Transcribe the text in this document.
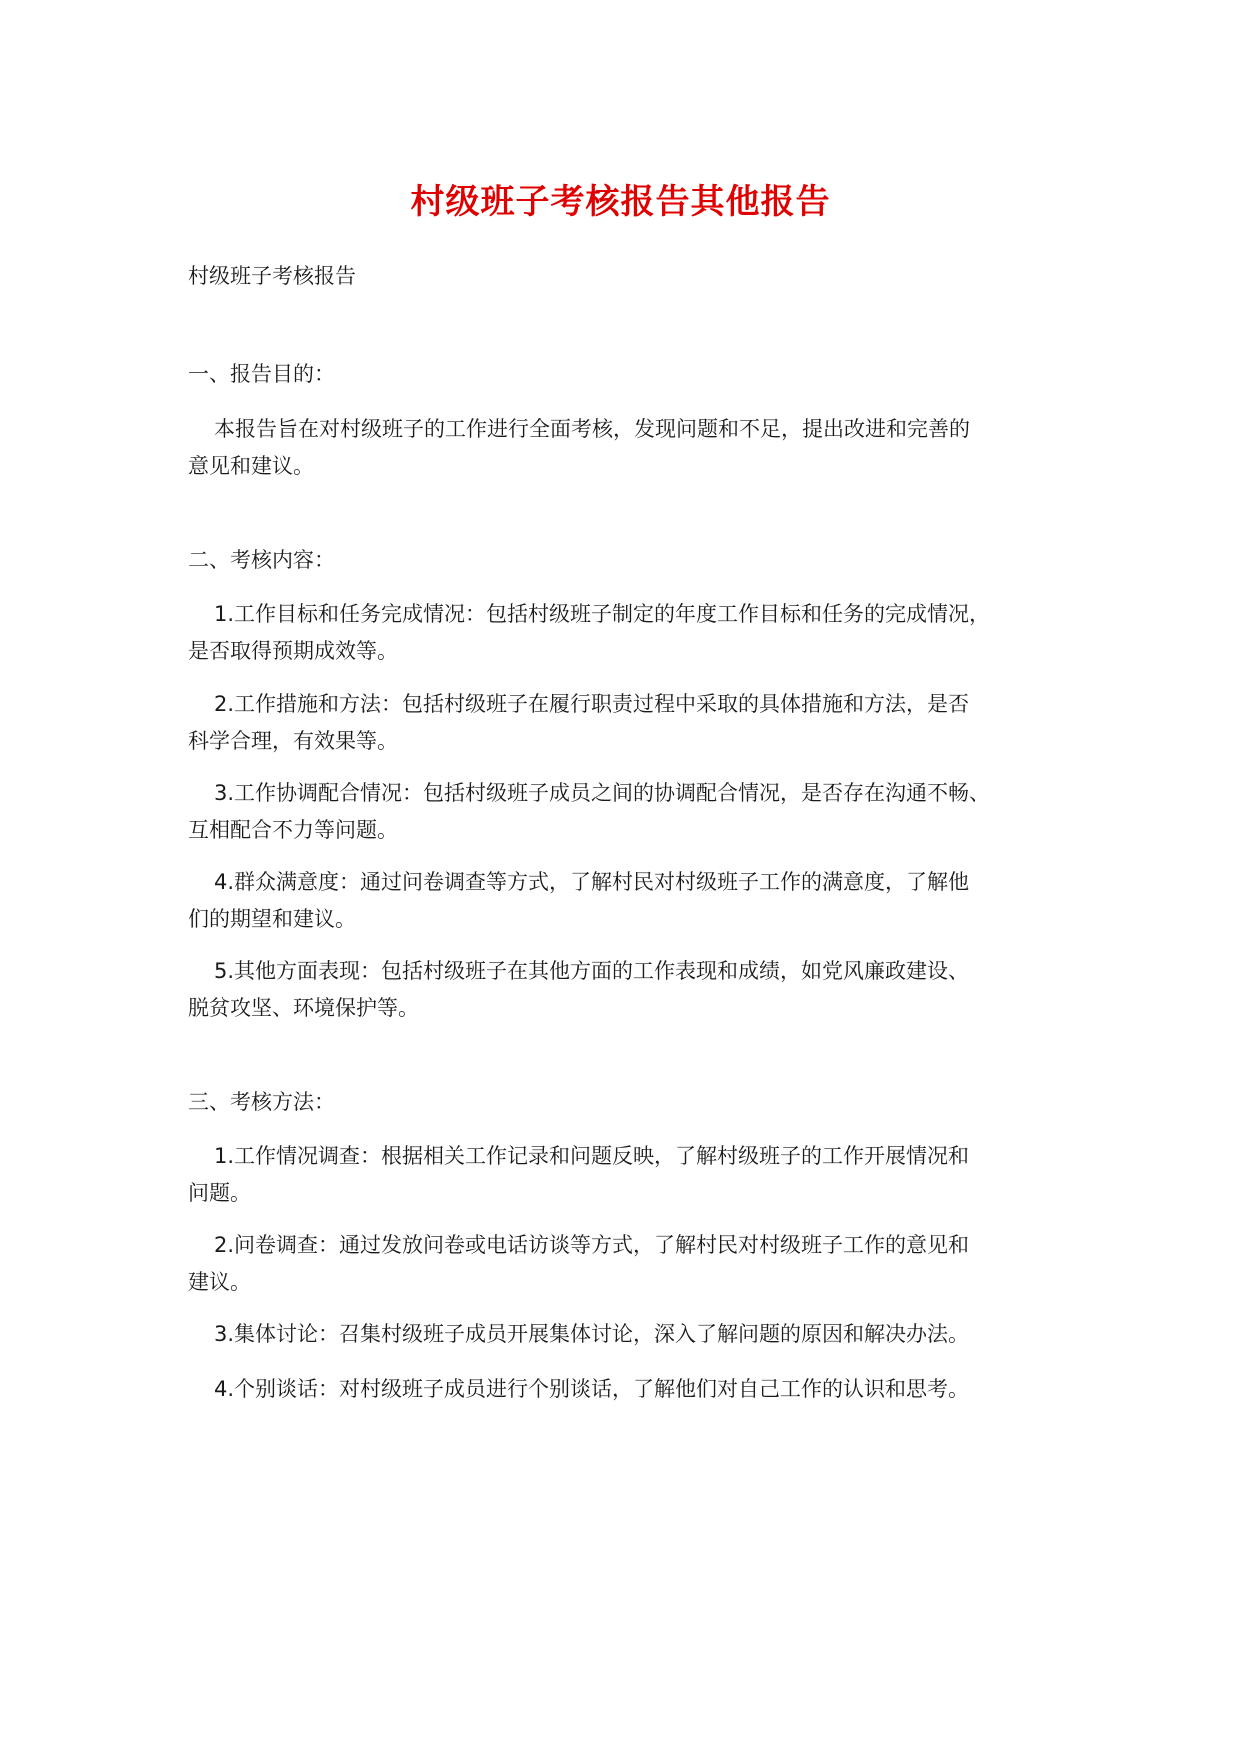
村级班子考核报告其他报告
村级班子考核报告
一、报告目的：
本报告旨在对村级班子的工作进行全面考核，发现问题和不足，提出改进和完善的
意见和建议。
二、考核内容：
1.工作目标和任务完成情况：包括村级班子制定的年度工作目标和任务的完成情况，
是否取得预期成效等。
2.工作措施和方法：包括村级班子在履行职责过程中采取的具体措施和方法，是否
科学合理，有效果等。
3.工作协调配合情况：包括村级班子成员之间的协调配合情况，是否存在沟通不畅、
互相配合不力等问题。
4.群众满意度：通过问卷调查等方式，了解村民对村级班子工作的满意度，了解他
们的期望和建议。
5.其他方面表现：包括村级班子在其他方面的工作表现和成绩，如党风廉政建设、
脱贫攻坚、环境保护等。
三、考核方法：
1.工作情况调查：根据相关工作记录和问题反映，了解村级班子的工作开展情况和
问题。
2.问卷调查：通过发放问卷或电话访谈等方式，了解村民对村级班子工作的意见和
建议。
3.集体讨论：召集村级班子成员开展集体讨论，深入了解问题的原因和解决办法。
4.个别谈话：对村级班子成员进行个别谈话，了解他们对自己工作的认识和思考。
